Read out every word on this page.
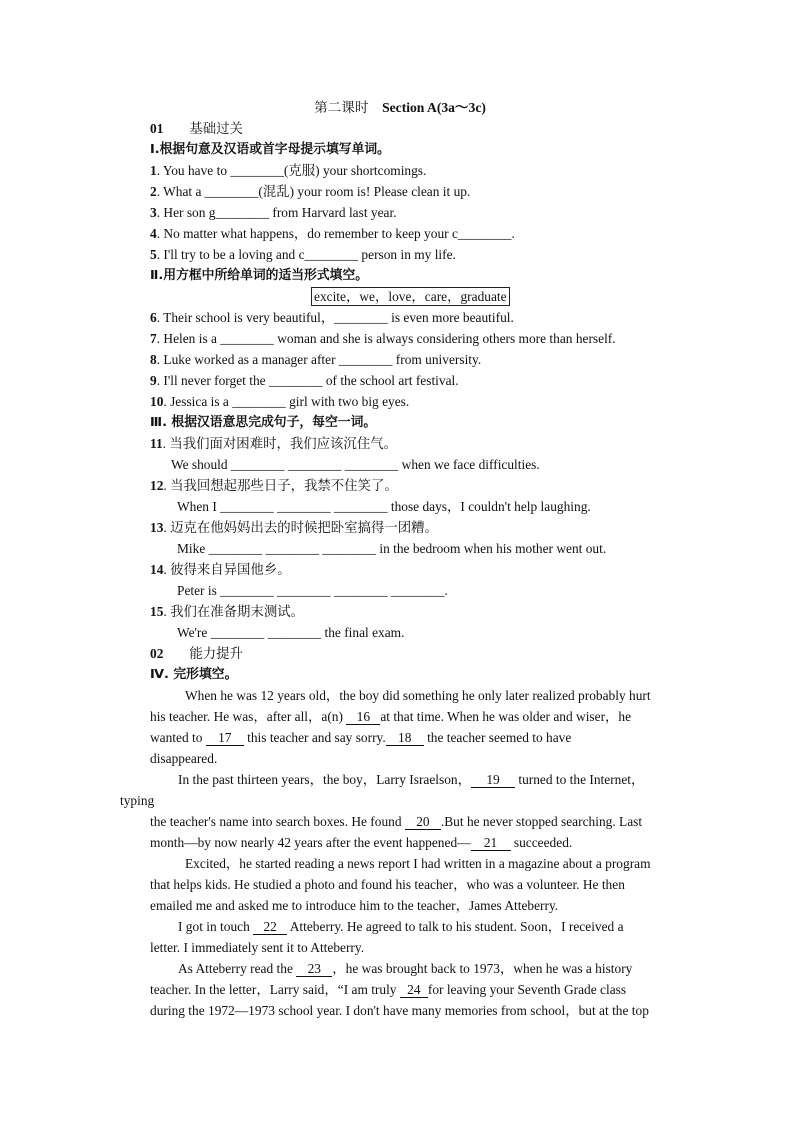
第二课时 Section A(3a～3c)
01 基础过关
Ⅰ.根据句意及汉语或首字母提示填写单词。
1. You have to ________(克服) your shortcomings.
2. What a ________(混乱) your room is! Please clean it up.
3. Her son g________ from Harvard last year.
4. No matter what happens，do remember to keep your c________.
5. I'll try to be a loving and c________ person in my life.
Ⅱ.用方框中所给单词的适当形式填空。
excite，we，love，care，graduate
6. Their school is very beautiful，________ is even more beautiful.
7. Helen is a ________ woman and she is always considering others more than herself.
8. Luke worked as a manager after ________ from university.
9. I'll never forget the ________ of the school art festival.
10. Jessica is a ________ girl with two big eyes.
Ⅲ. 根据汉语意思完成句子，每空一词。
11. 当我们面对困难时，我们应该沉住气。
We should ________ ________ ________ when we face difficulties.
12. 当我回想起那些日子，我禁不住笑了。
When I ________ ________ ________ those days，I couldn't help laughing.
13. 迈克在他妈妈出去的时候把卧室搞得一团糟。
Mike ________ ________ ________ in the bedroom when his mother went out.
14. 彼得来自异国他乡。
Peter is ________ ________ ________ ________.
15. 我们在准备期末测试。
We're ________ ________ the final exam.
02 能力提升
Ⅳ. 完形填空。
When he was 12 years old，the boy did something he only later realized probably hurt
his teacher. He was，after all，a(n) 16 at that time. When he was older and wiser，he
wanted to 17 this teacher and say sorry. 18 the teacher seemed to have
disappeared.
In the past thirteen years，the boy，Larry Israelson， 19 turned to the Internet，
typing
the teacher's name into search boxes. He found 20 .But he never stopped searching. Last
month—by now nearly 42 years after the event happened— 21 succeeded.
Excited，he started reading a news report I had written in a magazine about a program
that helps kids. He studied a photo and found his teacher，who was a volunteer. He then
emailed me and asked me to introduce him to the teacher，James Atteberry.
I got in touch 22 Atteberry. He agreed to talk to his student. Soon，I received a
letter. I immediately sent it to Atteberry.
As Atteberry read the 23 ，he was brought back to 1973，when he was a history
teacher. In the letter，Larry said，“I am truly 24 for leaving your Seventh Grade class
during the 1972—1973 school year. I don't have many memories from school，but at the top
